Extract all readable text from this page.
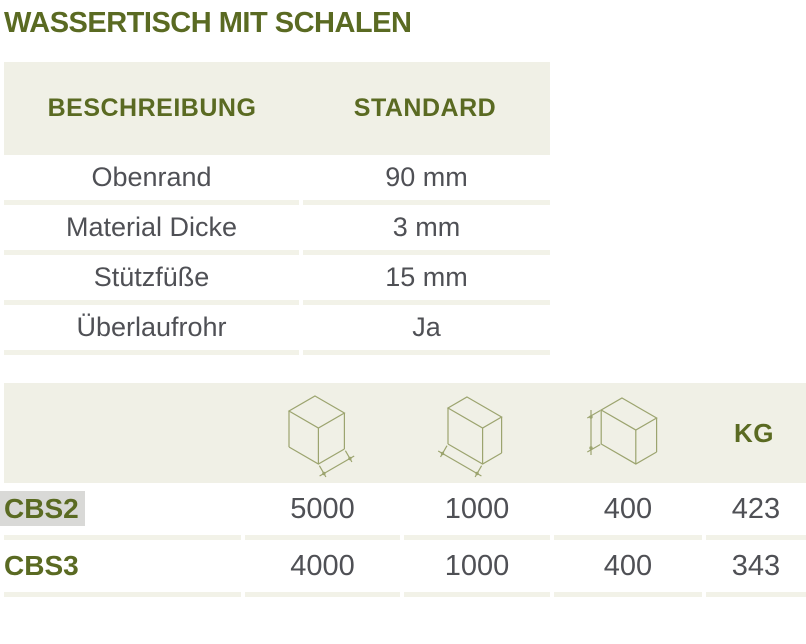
WASSERTISCH MIT SCHALEN
BESCHREIBUNG	STANDARD
Obenrand	90 mm
Material Dicke	3 mm
Stützfüße	15 mm
Überlaufrohr	Ja
KG
CBS2	5000	1000	400	423
CBS3	4000	1000	400	343
